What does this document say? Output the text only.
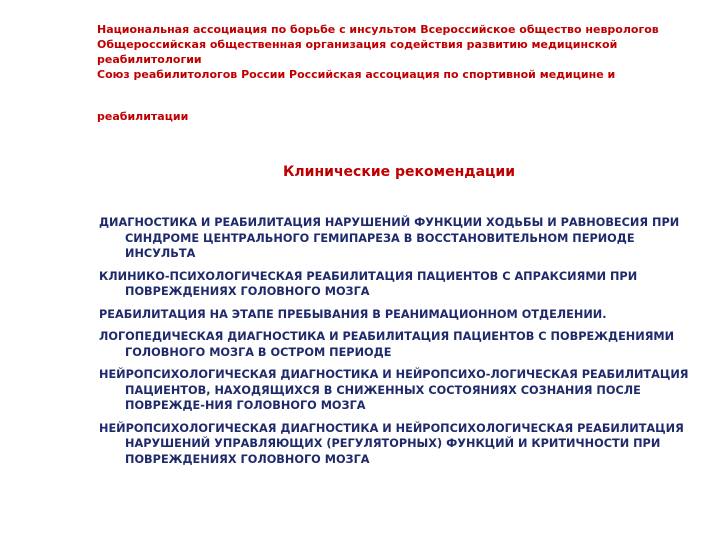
Национальная ассоциация по борьбе с инсультом Всероссийское общество неврологов
Общероссийская общественная организация содействия развитию медицинской
реабилитологии
Союз реабилитологов России Российская ассоциация по спортивной медицине и
реабилитации
Клинические рекомендации
ДИАГНОСТИКА И РЕАБИЛИТАЦИЯ НАРУШЕНИЙ ФУНКЦИИ ХОДЬБЫ И РАВНОВЕСИЯ ПРИ СИНДРОМЕ ЦЕНТРАЛЬНОГО ГЕМИПАРЕЗА В ВОССТАНОВИТЕЛЬНОМ ПЕРИОДЕ ИНСУЛЬТА
КЛИНИКО-ПСИХОЛОГИЧЕСКАЯ РЕАБИЛИТАЦИЯ ПАЦИЕНТОВ С АПРАКСИЯМИ ПРИ ПОВРЕЖДЕНИЯХ ГОЛОВНОГО МОЗГА
РЕАБИЛИТАЦИЯ НА ЭТАПЕ ПРЕБЫВАНИЯ В РЕАНИМАЦИОННОМ ОТДЕЛЕНИИ.
ЛОГОПЕДИЧЕСКАЯ ДИАГНОСТИКА И РЕАБИЛИТАЦИЯ ПАЦИЕНТОВ С ПОВРЕЖДЕНИЯМИ ГОЛОВНОГО МОЗГА В ОСТРОМ ПЕРИОДЕ
НЕЙРОПСИХОЛОГИЧЕСКАЯ ДИАГНОСТИКА И НЕЙРОПСИХО-ЛОГИЧЕСКАЯ РЕАБИЛИТАЦИЯ ПАЦИЕНТОВ, НАХОДЯЩИХСЯ В СНИЖЕННЫХ СОСТОЯНИЯХ СОЗНАНИЯ ПОСЛЕ ПОВРЕЖДЕ-НИЯ ГОЛОВНОГО МОЗГА
НЕЙРОПСИХОЛОГИЧЕСКАЯ ДИАГНОСТИКА И НЕЙРОПСИХОЛОГИЧЕСКАЯ РЕАБИЛИТАЦИЯ НАРУШЕНИЙ УПРАВЛЯЮЩИХ (РЕГУЛЯТОРНЫХ) ФУНКЦИЙ И КРИТИЧНОСТИ ПРИ ПОВРЕЖДЕНИЯХ ГОЛОВНОГО МОЗГА
